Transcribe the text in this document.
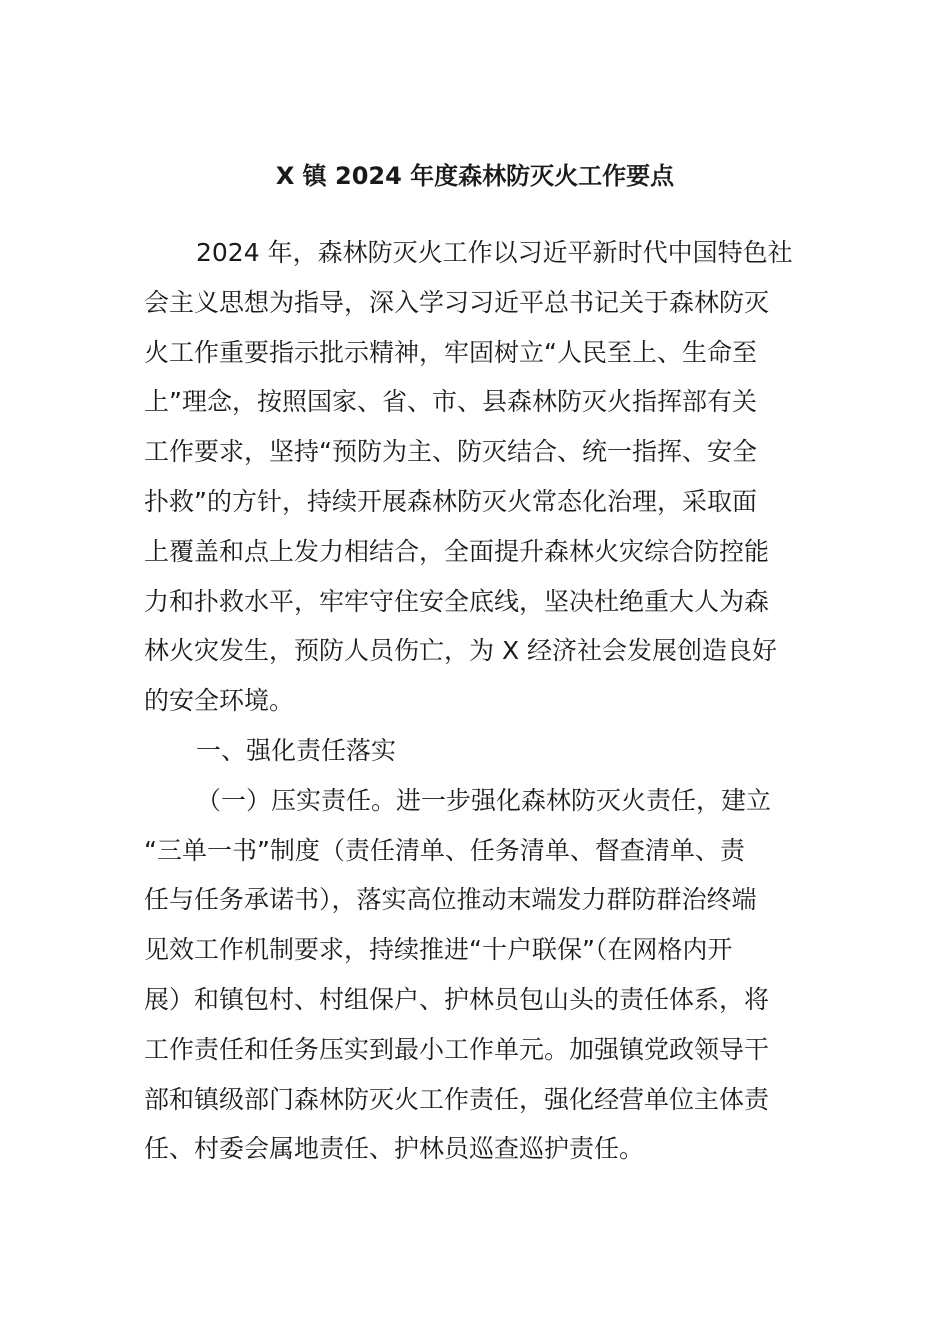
X 镇 2024 年度森林防灭火工作要点
2024 年，森林防灭火工作以习近平新时代中国特色社
会主义思想为指导，深入学习习近平总书记关于森林防灭
火工作重要指示批示精神，牢固树立“人民至上、生命至
上”理念，按照国家、省、市、县森林防灭火指挥部有关
工作要求，坚持“预防为主、防灭结合、统一指挥、安全
扑救”的方针，持续开展森林防灭火常态化治理，采取面
上覆盖和点上发力相结合，全面提升森林火灾综合防控能
力和扑救水平，牢牢守住安全底线，坚决杜绝重大人为森
林火灾发生，预防人员伤亡，为 X 经济社会发展创造良好
的安全环境。
一、强化责任落实
（一）压实责任。进一步强化森林防灭火责任，建立
“三单一书”制度（责任清单、任务清单、督查清单、责
任与任务承诺书），落实高位推动末端发力群防群治终端
见效工作机制要求，持续推进“十户联保”（在网格内开
展）和镇包村、村组保户、护林员包山头的责任体系，将
工作责任和任务压实到最小工作单元。加强镇党政领导干
部和镇级部门森林防灭火工作责任，强化经营单位主体责
任、村委会属地责任、护林员巡查巡护责任。
